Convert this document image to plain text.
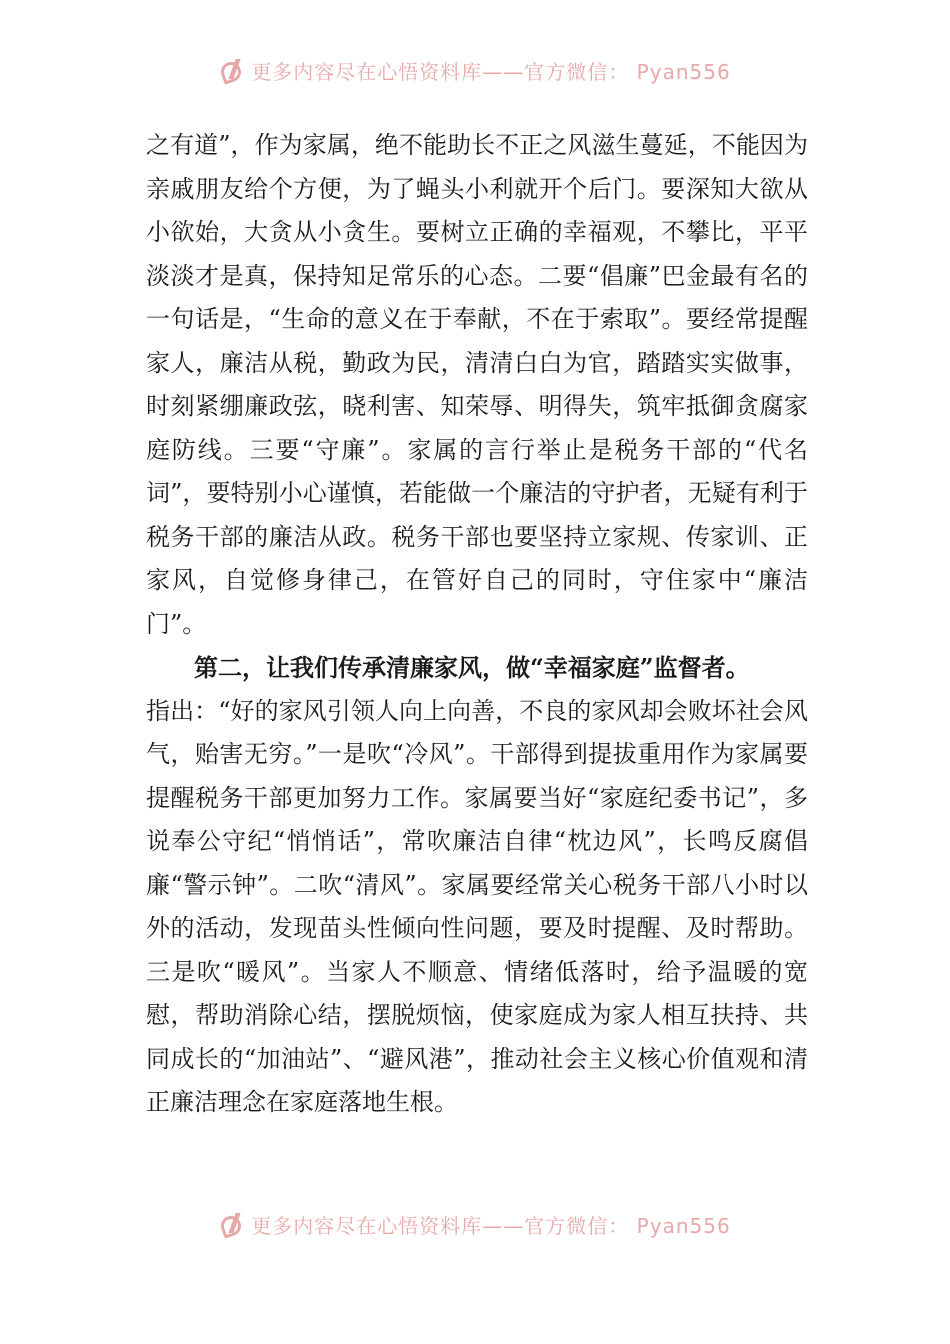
更多内容尽在心悟资料库——官方微信： Pyan556

之有道”，作为家属，绝不能助长不正之风滋生蔓延，不能因为亲戚朋友给个方便，为了蝇头小利就开个后门。要深知大欲从小欲始，大贪从小贪生。要树立正确的幸福观，不攀比，平平淡淡才是真，保持知足常乐的心态。二要“倡廉”巴金最有名的一句话是，“生命的意义在于奉献，不在于索取”。要经常提醒家人，廉洁从税，勤政为民，清清白白为官，踏踏实实做事，时刻紧绷廉政弦，晓利害、知荣辱、明得失，筑牢抵御贪腐家庭防线。三要“守廉”。家属的言行举止是税务干部的“代名词”，要特别小心谨慎，若能做一个廉洁的守护者，无疑有利于税务干部的廉洁从政。税务干部也要坚持立家规、传家训、正家风，自觉修身律己，在管好自己的同时，守住家中“廉洁门”。

第二，让我们传承清廉家风，做“幸福家庭”监督者。

指出：“好的家风引领人向上向善，不良的家风却会败坏社会风气，贻害无穷。”一是吹“冷风”。干部得到提拔重用作为家属要提醒税务干部更加努力工作。家属要当好“家庭纪委书记”，多说奉公守纪“悄悄话”，常吹廉洁自律“枕边风”，长鸣反腐倡廉“警示钟”。二吹“清风”。家属要经常关心税务干部八小时以外的活动，发现苗头性倾向性问题，要及时提醒、及时帮助。三是吹“暖风”。当家人不顺意、情绪低落时，给予温暖的宽慰，帮助消除心结，摆脱烦恼，使家庭成为家人相互扶持、共同成长的“加油站”、“避风港”，推动社会主义核心价值观和清正廉洁理念在家庭落地生根。

更多内容尽在心悟资料库——官方微信： Pyan556
